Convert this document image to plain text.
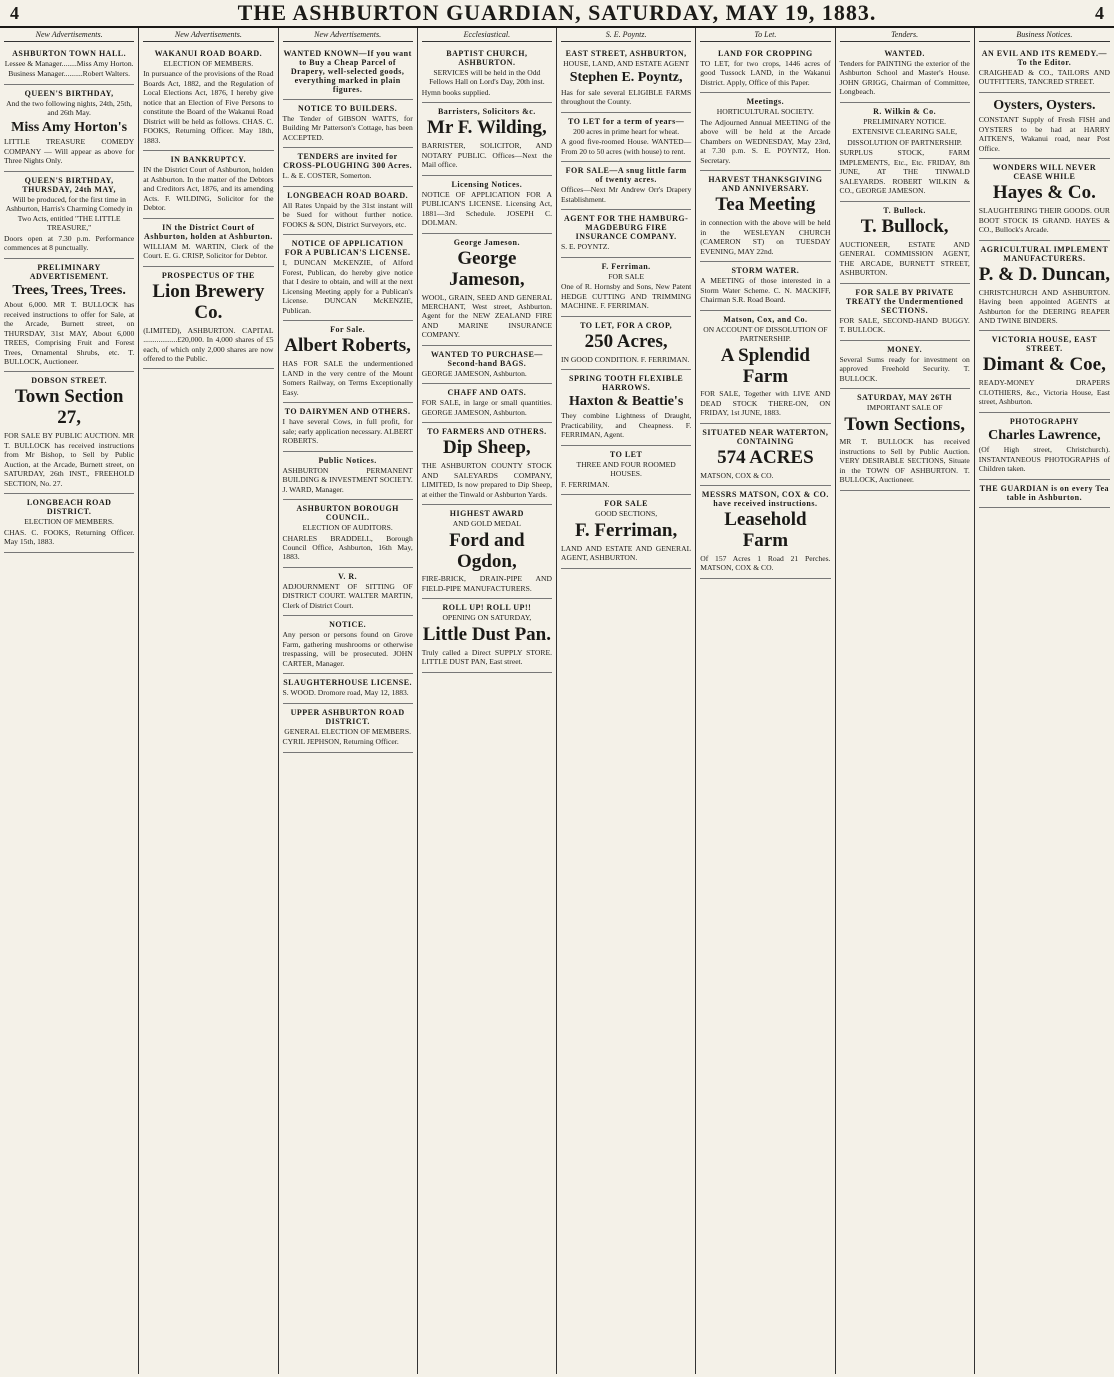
4	THE ASHBURTON GUARDIAN, SATURDAY, MAY 19, 1883.	4
New Advertisements.

ASHBURTON TOWN HALL.

Lessee & Manager........Miss Amy Horton.

Business Manager..........Robert Walters.

QUEEN'S BIRTHDAY,

And the two following nights, 24th, 25th, and 26th May.

Miss Amy Horton's

LITTLE TREASURE COMEDY COMPANY — Will appear as above for Three Nights Only.

QUEEN'S BIRTHDAY, THURSDAY, 24th MAY,

Will be produced, for the first time in Ashburton, Harris's Charming Comedy in Two Acts, entitled "THE LITTLE TREASURE,"

Doors open at 7.30 p.m. Performance commences at 8 punctually.

PRELIMINARY ADVERTISEMENT.

Trees, Trees, Trees.

About 6,000. MR T. BULLOCK has received instructions to offer for Sale, at the Arcade, Burnett street, on THURSDAY, 31st MAY, About 6,000 TREES, Comprising Fruit and Forest Trees, Ornamental Shrubs, etc. T. BULLOCK, Auctioneer.

DOBSON STREET.

Town Section 27,

FOR SALE BY PUBLIC AUCTION. MR T. BULLOCK has received instructions from Mr Bishop, to Sell by Public Auction, at the Arcade, Burnett street, on SATURDAY, 26th INST., FREEHOLD SECTION, No. 27.

LONGBEACH ROAD DISTRICT.

ELECTION OF MEMBERS.

CHAS. C. FOOKS, Returning Officer. May 15th, 1883.

New Advertisements.

WAKANUI ROAD BOARD.

ELECTION OF MEMBERS.

In pursuance of the provisions of the Road Boards Act, 1882, and the Regulation of Local Elections Act, 1876, I hereby give notice that an Election of Five Persons to constitute the Board of the Wakanui Road District will be held as follows. CHAS. C. FOOKS, Returning Officer. May 18th, 1883.

IN BANKRUPTCY.

IN the District Court of Ashburton, holden at Ashburton. In the matter of the Debtors and Creditors Act, 1876, and its amending Acts. F. WILDING, Solicitor for the Debtor.

IN the District Court of Ashburton, holden at Ashburton.

WILLIAM M. WARTIN, Clerk of the Court. E. G. CRISP, Solicitor for Debtor.

PROSPECTUS OF THE

Lion Brewery Co.

(LIMITED), ASHBURTON. CAPITAL ..................£20,000. In 4,000 shares of £5 each, of which only 2,000 shares are now offered to the Public.

New Advertisements.

WANTED KNOWN—If you want to Buy a Cheap Parcel of Drapery, well-selected goods, everything marked in plain figures.

NOTICE TO BUILDERS.

The Tender of GIBSON WATTS, for Building Mr Patterson's Cottage, has been ACCEPTED.

TENDERS are invited for CROSS-PLOUGHING 300 Acres.

L. & E. COSTER, Somerton.

LONGBEACH ROAD BOARD.

All Rates Unpaid by the 31st instant will be Sued for without further notice. FOOKS & SON, District Surveyors, etc.

NOTICE OF APPLICATION FOR A PUBLICAN'S LICENSE.

I, DUNCAN McKENZIE, of Alford Forest, Publican, do hereby give notice that I desire to obtain, and will at the next Licensing Meeting apply for a Publican's License. DUNCAN McKENZIE, Publican.

For Sale.

Albert Roberts,

HAS FOR SALE the undermentioned LAND in the very centre of the Mount Somers Railway, on Terms Exceptionally Easy.

TO DAIRYMEN AND OTHERS.

I have several Cows, in full profit, for sale; early application necessary. ALBERT ROBERTS.

Public Notices.

ASHBURTON PERMANENT BUILDING & INVESTMENT SOCIETY. J. WARD, Manager.

ASHBURTON BOROUGH COUNCIL.

ELECTION OF AUDITORS.

CHARLES BRADDELL, Borough Council Office, Ashburton, 16th May, 1883.

V. R.

ADJOURNMENT OF SITTING OF DISTRICT COURT. WALTER MARTIN, Clerk of District Court.

NOTICE.

Any person or persons found on Grove Farm, gathering mushrooms or otherwise trespassing, will be prosecuted. JOHN CARTER, Manager.

SLAUGHTERHOUSE LICENSE.

S. WOOD. Dromore road, May 12, 1883.

UPPER ASHBURTON ROAD DISTRICT.

GENERAL ELECTION OF MEMBERS.

CYRIL JEPHSON, Returning Officer.

Ecclesiastical.

BAPTIST CHURCH, ASHBURTON.

SERVICES will be held in the Odd Fellows Hall on Lord's Day, 20th inst.

Hymn books supplied.

Barristers, Solicitors &c.

Mr F. Wilding,

BARRISTER, SOLICITOR, AND NOTARY PUBLIC. Offices—Next the Mail office.

Licensing Notices.

NOTICE OF APPLICATION FOR A PUBLICAN'S LICENSE. Licensing Act, 1881—3rd Schedule. JOSEPH C. DOLMAN.

George Jameson.

George Jameson,

WOOL, GRAIN, SEED AND GENERAL MERCHANT, West street, Ashburton. Agent for the NEW ZEALAND FIRE AND MARINE INSURANCE COMPANY.

WANTED TO PURCHASE— Second-hand BAGS.

GEORGE JAMESON, Ashburton.

CHAFF AND OATS.

FOR SALE, in large or small quantities. GEORGE JAMESON, Ashburton.

TO FARMERS AND OTHERS.

Dip Sheep,

THE ASHBURTON COUNTY STOCK AND SALEYARDS COMPANY, LIMITED, Is now prepared to Dip Sheep, at either the Tinwald or Ashburton Yards.

HIGHEST AWARD

AND GOLD MEDAL

Ford and Ogdon,

FIRE-BRICK, DRAIN-PIPE AND FIELD-PIPE MANUFACTURERS.

ROLL UP! ROLL UP!!

OPENING ON SATURDAY,

Little Dust Pan.

Truly called a Direct SUPPLY STORE. LITTLE DUST PAN, East street.

S. E. Poyntz.

EAST STREET, ASHBURTON,

HOUSE, LAND, AND ESTATE AGENT

Stephen E. Poyntz,

Has for sale several ELIGIBLE FARMS throughout the County.

TO LET for a term of years—

200 acres in prime heart for wheat.

A good five-roomed House. WANTED—From 20 to 50 acres (with house) to rent.

FOR SALE—A snug little farm of twenty acres.

Offices—Next Mr Andrew Orr's Drapery Establishment.

AGENT FOR THE HAMBURG-MAGDEBURG FIRE INSURANCE COMPANY.

S. E. POYNTZ.

F. Ferriman.

FOR SALE

One of R. Hornsby and Sons, New Patent HEDGE CUTTING AND TRIMMING MACHINE. F. FERRIMAN.

TO LET, FOR A CROP,

250 Acres,

IN GOOD CONDITION. F. FERRIMAN.

SPRING TOOTH FLEXIBLE HARROWS.

Haxton & Beattie's

They combine Lightness of Draught, Practicability, and Cheapness. F. FERRIMAN, Agent.

TO LET

THREE AND FOUR ROOMED HOUSES.

F. FERRIMAN.

FOR SALE

GOOD SECTIONS,

F. Ferriman,

LAND AND ESTATE AND GENERAL AGENT, ASHBURTON.

To Let.

LAND FOR CROPPING

TO LET, for two crops, 1446 acres of good Tussock LAND, in the Wakanui District. Apply, Office of this Paper.

Meetings.

HORTICULTURAL SOCIETY.

The Adjourned Annual MEETING of the above will be held at the Arcade Chambers on WEDNESDAY, May 23rd, at 7.30 p.m. S. E. POYNTZ, Hon. Secretary.

HARVEST THANKSGIVING AND ANNIVERSARY.

Tea Meeting

in connection with the above will be held in the WESLEYAN CHURCH (CAMERON ST) on TUESDAY EVENING, MAY 22nd.

STORM WATER.

A MEETING of those interested in a Storm Water Scheme. C. N. MACKIFF, Chairman S.R. Road Board.

Matson, Cox, and Co.

ON ACCOUNT OF DISSOLUTION OF PARTNERSHIP.

A Splendid Farm

FOR SALE, Together with LIVE AND DEAD STOCK THERE-ON, ON FRIDAY, 1st JUNE, 1883.

SITUATED NEAR WATERTON, CONTAINING

574 ACRES

MATSON, COX & CO.

MESSRS MATSON, COX & CO. have received instructions.

Leasehold Farm

Of 157 Acres 1 Road 21 Perches. MATSON, COX & CO.

Tenders.

WANTED.

Tenders for PAINTING the exterior of the Ashburton School and Master's House. JOHN GRIGG, Chairman of Committee, Longbeach.

R. Wilkin & Co.

PRELIMINARY NOTICE.

EXTENSIVE CLEARING SALE,

DISSOLUTION OF PARTNERSHIP.

SURPLUS STOCK, FARM IMPLEMENTS, Etc., Etc. FRIDAY, 8th JUNE, AT THE TINWALD SALEYARDS. ROBERT WILKIN & CO., GEORGE JAMESON.

T. Bullock.

T. Bullock,

AUCTIONEER, ESTATE AND GENERAL COMMISSION AGENT, THE ARCADE, BURNETT STREET, ASHBURTON.

FOR SALE BY PRIVATE TREATY the Undermentioned SECTIONS.

FOR SALE, SECOND-HAND BUGGY. T. BULLOCK.

MONEY.

Several Sums ready for investment on approved Freehold Security. T. BULLOCK.

SATURDAY, MAY 26TH

IMPORTANT SALE OF

Town Sections,

MR T. BULLOCK has received instructions to Sell by Public Auction. VERY DESIRABLE SECTIONS, Situate in the TOWN OF ASHBURTON. T. BULLOCK, Auctioneer.

Business Notices.

AN EVIL AND ITS REMEDY.—To the Editor.

CRAIGHEAD & CO., TAILORS AND OUTFITTERS, TANCRED STREET.

Oysters, Oysters.

CONSTANT Supply of Fresh FISH and OYSTERS to be had at HARRY AITKEN'S, Wakanui road, near Post Office.

WONDERS WILL NEVER CEASE WHILE

Hayes & Co.

SLAUGHTERING THEIR GOODS. OUR BOOT STOCK IS GRAND. HAYES & CO., Bullock's Arcade.

AGRICULTURAL IMPLEMENT MANUFACTURERS.

P. & D. Duncan,

CHRISTCHURCH AND ASHBURTON. Having been appointed AGENTS at Ashburton for the DEERING REAPER AND TWINE BINDERS.

VICTORIA HOUSE, EAST STREET.

Dimant & Coe,

READY-MONEY DRAPERS CLOTHIERS, &c., Victoria House, East street, Ashburton.

PHOTOGRAPHY

Charles Lawrence,

(Of High street, Christchurch). INSTANTANEOUS PHOTOGRAPHS of Children taken.

THE GUARDIAN is on every Tea table in Ashburton.
